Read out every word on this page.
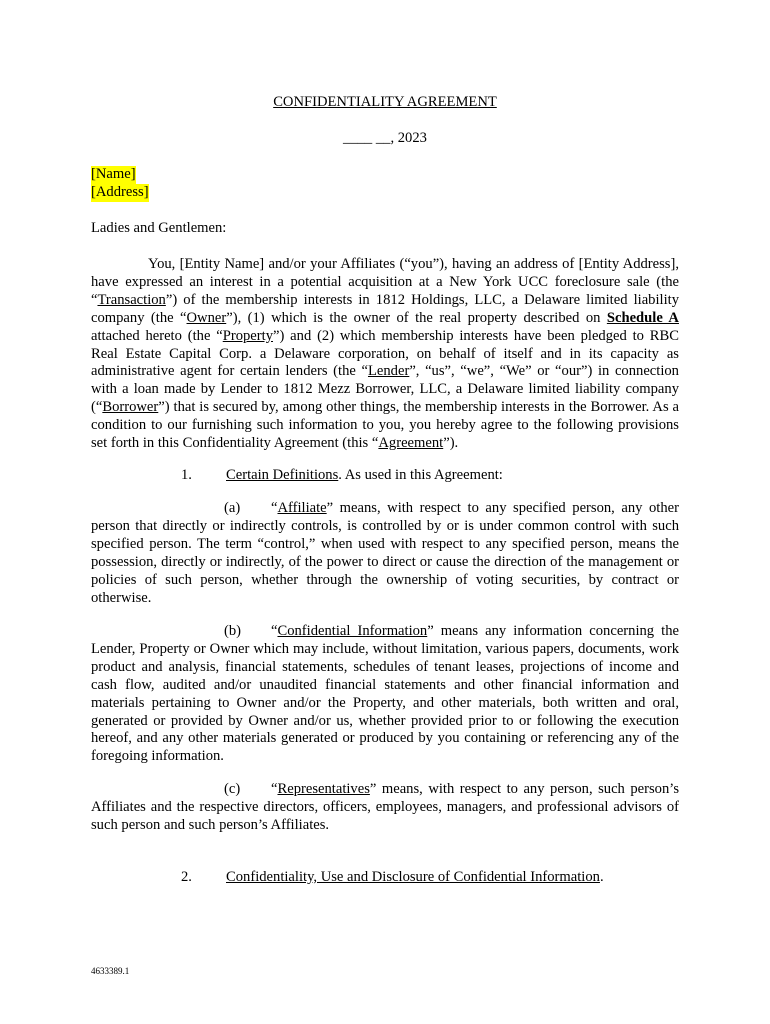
CONFIDENTIALITY AGREEMENT
____ __, 2023
[Name]
[Address]
Ladies and Gentlemen:
You, [Entity Name] and/or your Affiliates (“you”), having an address of [Entity Address], have expressed an interest in a potential acquisition at a New York UCC foreclosure sale (the “Transaction”) of the membership interests in 1812 Holdings, LLC, a Delaware limited liability company (the “Owner”), (1) which is the owner of the real property described on Schedule A attached hereto (the “Property”) and (2) which membership interests have been pledged to RBC Real Estate Capital Corp. a Delaware corporation, on behalf of itself and in its capacity as administrative agent for certain lenders (the “Lender”, “us”, “we”, “We” or “our”) in connection with a loan made by Lender to 1812 Mezz Borrower, LLC, a Delaware limited liability company (“Borrower”) that is secured by, among other things, the membership interests in the Borrower. As a condition to our furnishing such information to you, you hereby agree to the following provisions set forth in this Confidentiality Agreement (this “Agreement”).
1. Certain Definitions. As used in this Agreement:
(a) “Affiliate” means, with respect to any specified person, any other person that directly or indirectly controls, is controlled by or is under common control with such specified person. The term “control,” when used with respect to any specified person, means the possession, directly or indirectly, of the power to direct or cause the direction of the management or policies of such person, whether through the ownership of voting securities, by contract or otherwise.
(b) “Confidential Information” means any information concerning the Lender, Property or Owner which may include, without limitation, various papers, documents, work product and analysis, financial statements, schedules of tenant leases, projections of income and cash flow, audited and/or unaudited financial statements and other financial information and materials pertaining to Owner and/or the Property, and other materials, both written and oral, generated or provided by Owner and/or us, whether provided prior to or following the execution hereof, and any other materials generated or produced by you containing or referencing any of the foregoing information.
(c) “Representatives” means, with respect to any person, such person’s Affiliates and the respective directors, officers, employees, managers, and professional advisors of such person and such person’s Affiliates.
2. Confidentiality, Use and Disclosure of Confidential Information.
4633389.1
